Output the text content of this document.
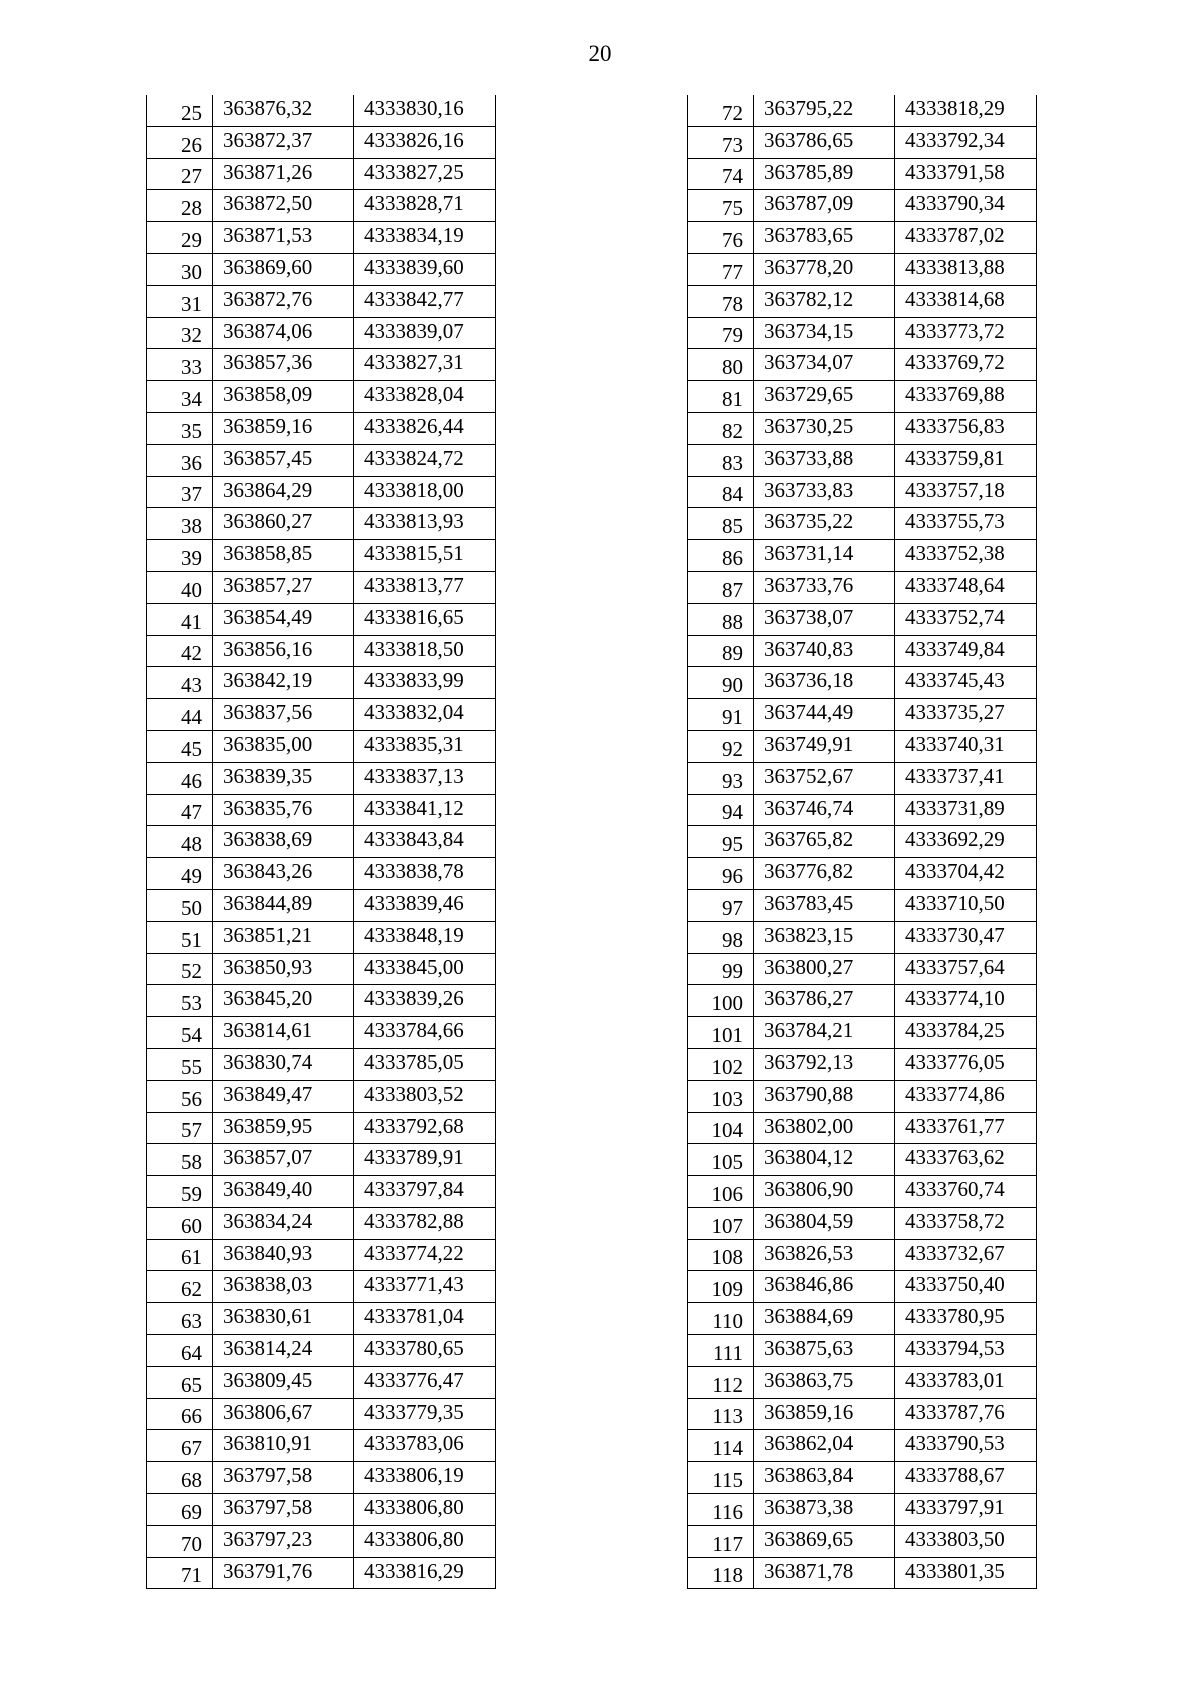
20
25	363876,32	4333830,16
26	363872,37	4333826,16
27	363871,26	4333827,25
28	363872,50	4333828,71
29	363871,53	4333834,19
30	363869,60	4333839,60
31	363872,76	4333842,77
32	363874,06	4333839,07
33	363857,36	4333827,31
34	363858,09	4333828,04
35	363859,16	4333826,44
36	363857,45	4333824,72
37	363864,29	4333818,00
38	363860,27	4333813,93
39	363858,85	4333815,51
40	363857,27	4333813,77
41	363854,49	4333816,65
42	363856,16	4333818,50
43	363842,19	4333833,99
44	363837,56	4333832,04
45	363835,00	4333835,31
46	363839,35	4333837,13
47	363835,76	4333841,12
48	363838,69	4333843,84
49	363843,26	4333838,78
50	363844,89	4333839,46
51	363851,21	4333848,19
52	363850,93	4333845,00
53	363845,20	4333839,26
54	363814,61	4333784,66
55	363830,74	4333785,05
56	363849,47	4333803,52
57	363859,95	4333792,68
58	363857,07	4333789,91
59	363849,40	4333797,84
60	363834,24	4333782,88
61	363840,93	4333774,22
62	363838,03	4333771,43
63	363830,61	4333781,04
64	363814,24	4333780,65
65	363809,45	4333776,47
66	363806,67	4333779,35
67	363810,91	4333783,06
68	363797,58	4333806,19
69	363797,58	4333806,80
70	363797,23	4333806,80
71	363791,76	4333816,29
72	363795,22	4333818,29
73	363786,65	4333792,34
74	363785,89	4333791,58
75	363787,09	4333790,34
76	363783,65	4333787,02
77	363778,20	4333813,88
78	363782,12	4333814,68
79	363734,15	4333773,72
80	363734,07	4333769,72
81	363729,65	4333769,88
82	363730,25	4333756,83
83	363733,88	4333759,81
84	363733,83	4333757,18
85	363735,22	4333755,73
86	363731,14	4333752,38
87	363733,76	4333748,64
88	363738,07	4333752,74
89	363740,83	4333749,84
90	363736,18	4333745,43
91	363744,49	4333735,27
92	363749,91	4333740,31
93	363752,67	4333737,41
94	363746,74	4333731,89
95	363765,82	4333692,29
96	363776,82	4333704,42
97	363783,45	4333710,50
98	363823,15	4333730,47
99	363800,27	4333757,64
100	363786,27	4333774,10
101	363784,21	4333784,25
102	363792,13	4333776,05
103	363790,88	4333774,86
104	363802,00	4333761,77
105	363804,12	4333763,62
106	363806,90	4333760,74
107	363804,59	4333758,72
108	363826,53	4333732,67
109	363846,86	4333750,40
110	363884,69	4333780,95
111	363875,63	4333794,53
112	363863,75	4333783,01
113	363859,16	4333787,76
114	363862,04	4333790,53
115	363863,84	4333788,67
116	363873,38	4333797,91
117	363869,65	4333803,50
118	363871,78	4333801,35
